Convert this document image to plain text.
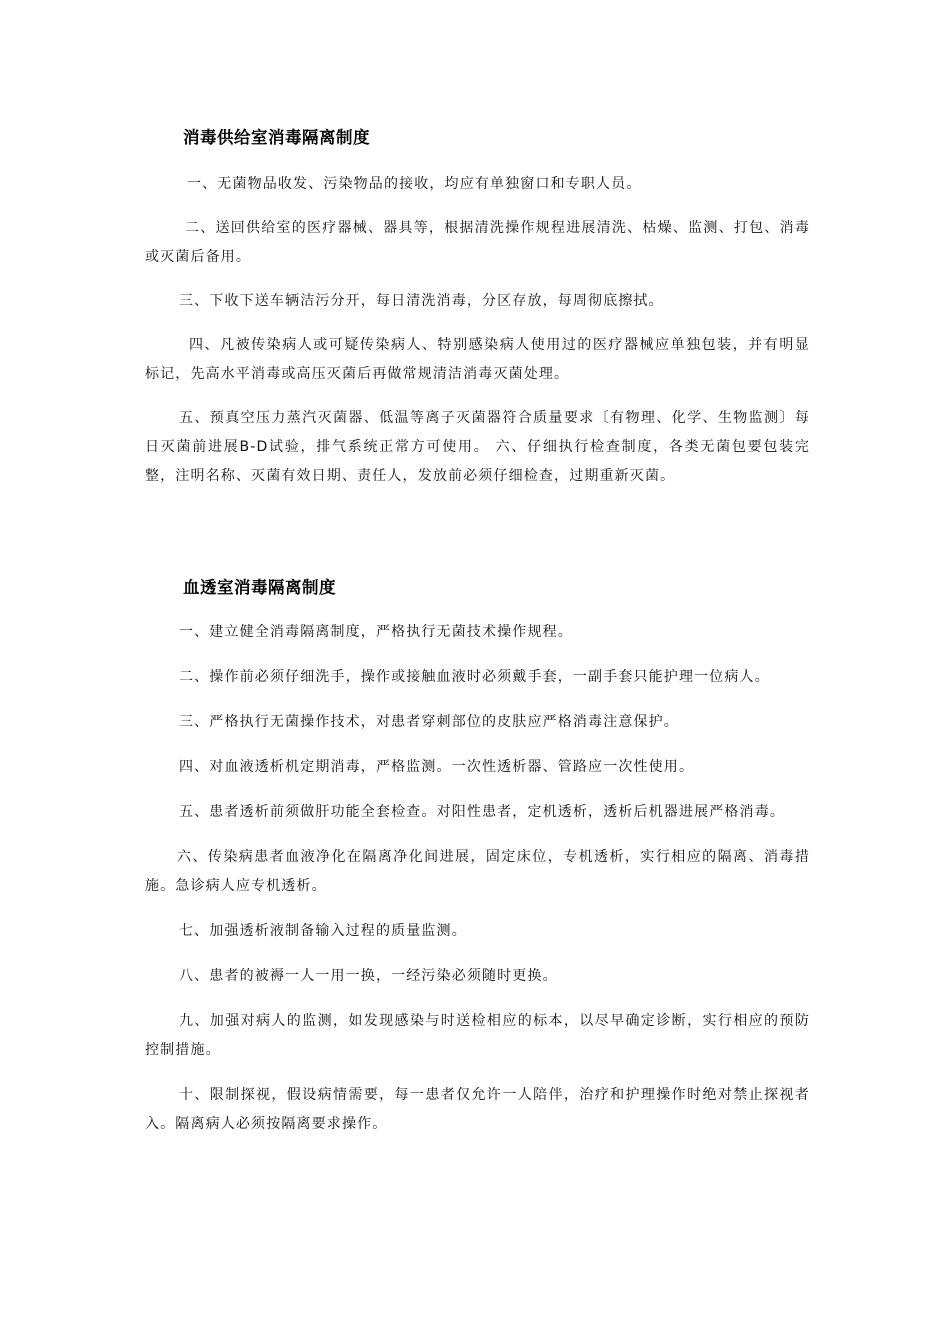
消毒供给室消毒隔离制度

一、无菌物品收发、污染物品的接收，均应有单独窗口和专职人员。

二、送回供给室的医疗器械、器具等，根据清洗操作规程进展清洗、枯燥、监测、打包、消毒或灭菌后备用。

三、下收下送车辆洁污分开，每日清洗消毒，分区存放，每周彻底擦拭。

四、凡被传染病人或可疑传染病人、特别感染病人使用过的医疗器械应单独包装，并有明显标记，先高水平消毒或高压灭菌后再做常规清洁消毒灭菌处理。

五、预真空压力蒸汽灭菌器、低温等离子灭菌器符合质量要求〔有物理、化学、生物监测〕每日灭菌前进展B-D试验，排气系统正常方可使用。 六、仔细执行检查制度，各类无菌包要包装完整，注明名称、灭菌有效日期、责任人，发放前必须仔细检查，过期重新灭菌。

血透室消毒隔离制度

一、建立健全消毒隔离制度，严格执行无菌技术操作规程。

二、操作前必须仔细洗手，操作或接触血液时必须戴手套，一副手套只能护理一位病人。

三、严格执行无菌操作技术，对患者穿刺部位的皮肤应严格消毒注意保护。

四、对血液透析机定期消毒，严格监测。一次性透析器、管路应一次性使用。

五、患者透析前须做肝功能全套检查。对阳性患者，定机透析，透析后机器进展严格消毒。

六、传染病患者血液净化在隔离净化间进展，固定床位，专机透析，实行相应的隔离、消毒措施。急诊病人应专机透析。

七、加强透析液制备输入过程的质量监测。

八、患者的被褥一人一用一换，一经污染必须随时更换。

九、加强对病人的监测，如发现感染与时送检相应的标本，以尽早确定诊断，实行相应的预防控制措施。

十、限制探视，假设病情需要，每一患者仅允许一人陪伴，治疗和护理操作时绝对禁止探视者入。隔离病人必须按隔离要求操作。
